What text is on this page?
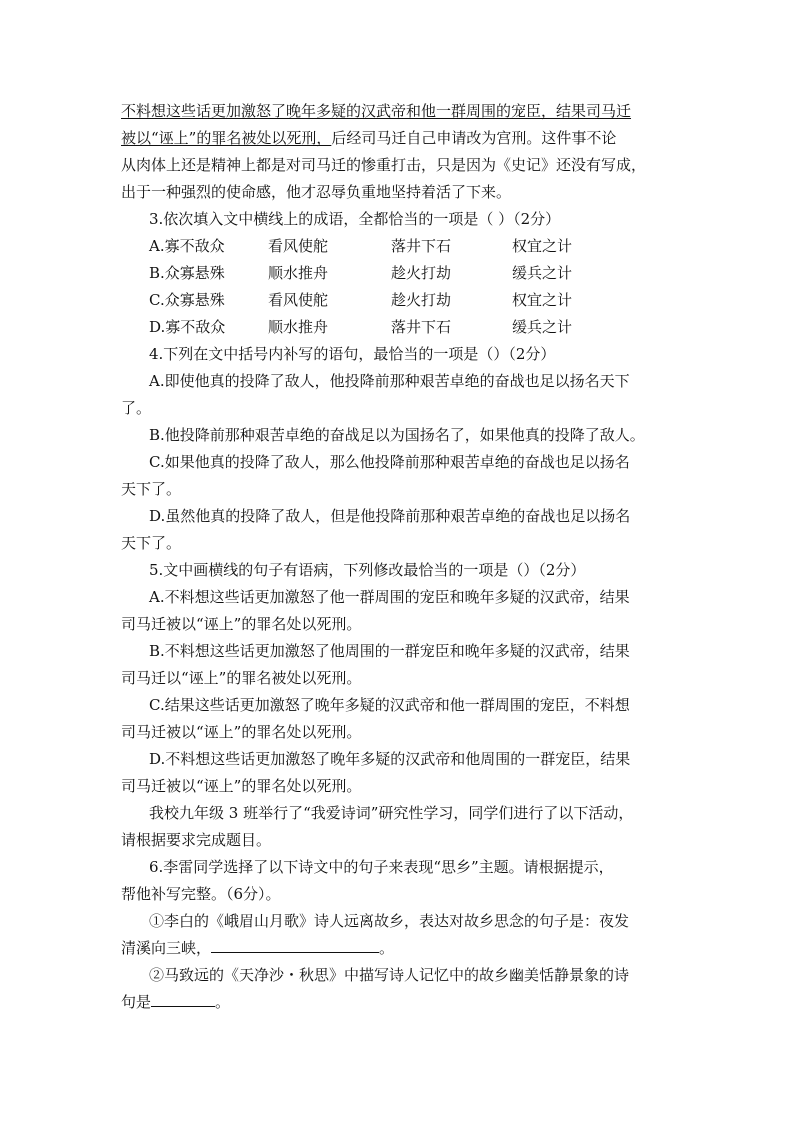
不料想这些话更加激怒了晚年多疑的汉武帝和他一群周围的宠臣，结果司马迁
被以“诬上”的罪名被处以死刑，后经司马迁自己申请改为宫刑。这件事不论
从肉体上还是精神上都是对司马迁的惨重打击，只是因为《史记》还没有写成，
出于一种强烈的使命感，他才忍辱负重地坚持着活了下来。
3.依次填入文中横线上的成语，全都恰当的一项是（ ）（2分）
A.寡不敌众	看风使舵	落井下石	权宜之计
B.众寡悬殊	顺水推舟	趁火打劫	缓兵之计
C.众寡悬殊	看风使舵	趁火打劫	权宜之计
D.寡不敌众	顺水推舟	落井下石	缓兵之计
4.下列在文中括号内补写的语句，最恰当的一项是（）（2分）
A.即使他真的投降了敌人，他投降前那种艰苦卓绝的奋战也足以扬名天下
了。
B.他投降前那种艰苦卓绝的奋战足以为国扬名了，如果他真的投降了敌人。
C.如果他真的投降了敌人，那么他投降前那种艰苦卓绝的奋战也足以扬名
天下了。
D.虽然他真的投降了敌人，但是他投降前那种艰苦卓绝的奋战也足以扬名
天下了。
5.文中画横线的句子有语病，下列修改最恰当的一项是（）（2分）
A.不料想这些话更加激怒了他一群周围的宠臣和晚年多疑的汉武帝，结果
司马迁被以“诬上”的罪名处以死刑。
B.不料想这些话更加激怒了他周围的一群宠臣和晚年多疑的汉武帝，结果
司马迁以“诬上”的罪名被处以死刑。
C.结果这些话更加激怒了晚年多疑的汉武帝和他一群周围的宠臣，不料想
司马迁被以“诬上”的罪名处以死刑。
D.不料想这些话更加激怒了晚年多疑的汉武帝和他周围的一群宠臣，结果
司马迁被以“诬上”的罪名处以死刑。
我校九年级 3 班举行了“我爱诗词”研究性学习，同学们进行了以下活动，
请根据要求完成题目。
6.李雷同学选择了以下诗文中的句子来表现“思乡”主题。请根据提示，
帮他补写完整。（6分）。
①李白的《峨眉山月歌》诗人远离故乡，表达对故乡思念的句子是：夜发
清溪向三峡，	。
②马致远的《天净沙・秋思》中描写诗人记忆中的故乡幽美恬静景象的诗
句是	。
